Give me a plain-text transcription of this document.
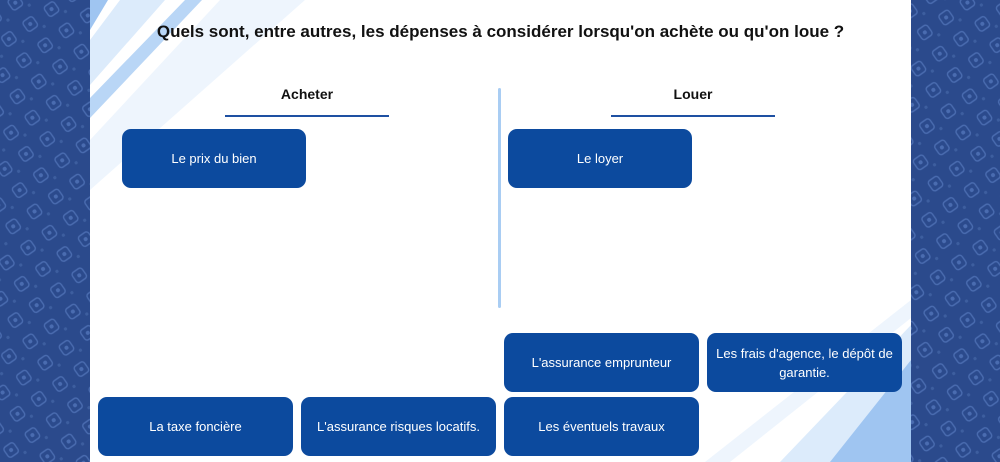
Quels sont, entre autres, les dépenses à considérer lorsqu'on achète ou qu'on loue ?
Acheter	Louer
Le prix du bien	Le loyer
L'assurance emprunteur
Les frais d'agence, le dépôt de garantie.
La taxe foncière	L'assurance risques locatifs.	Les éventuels travaux
